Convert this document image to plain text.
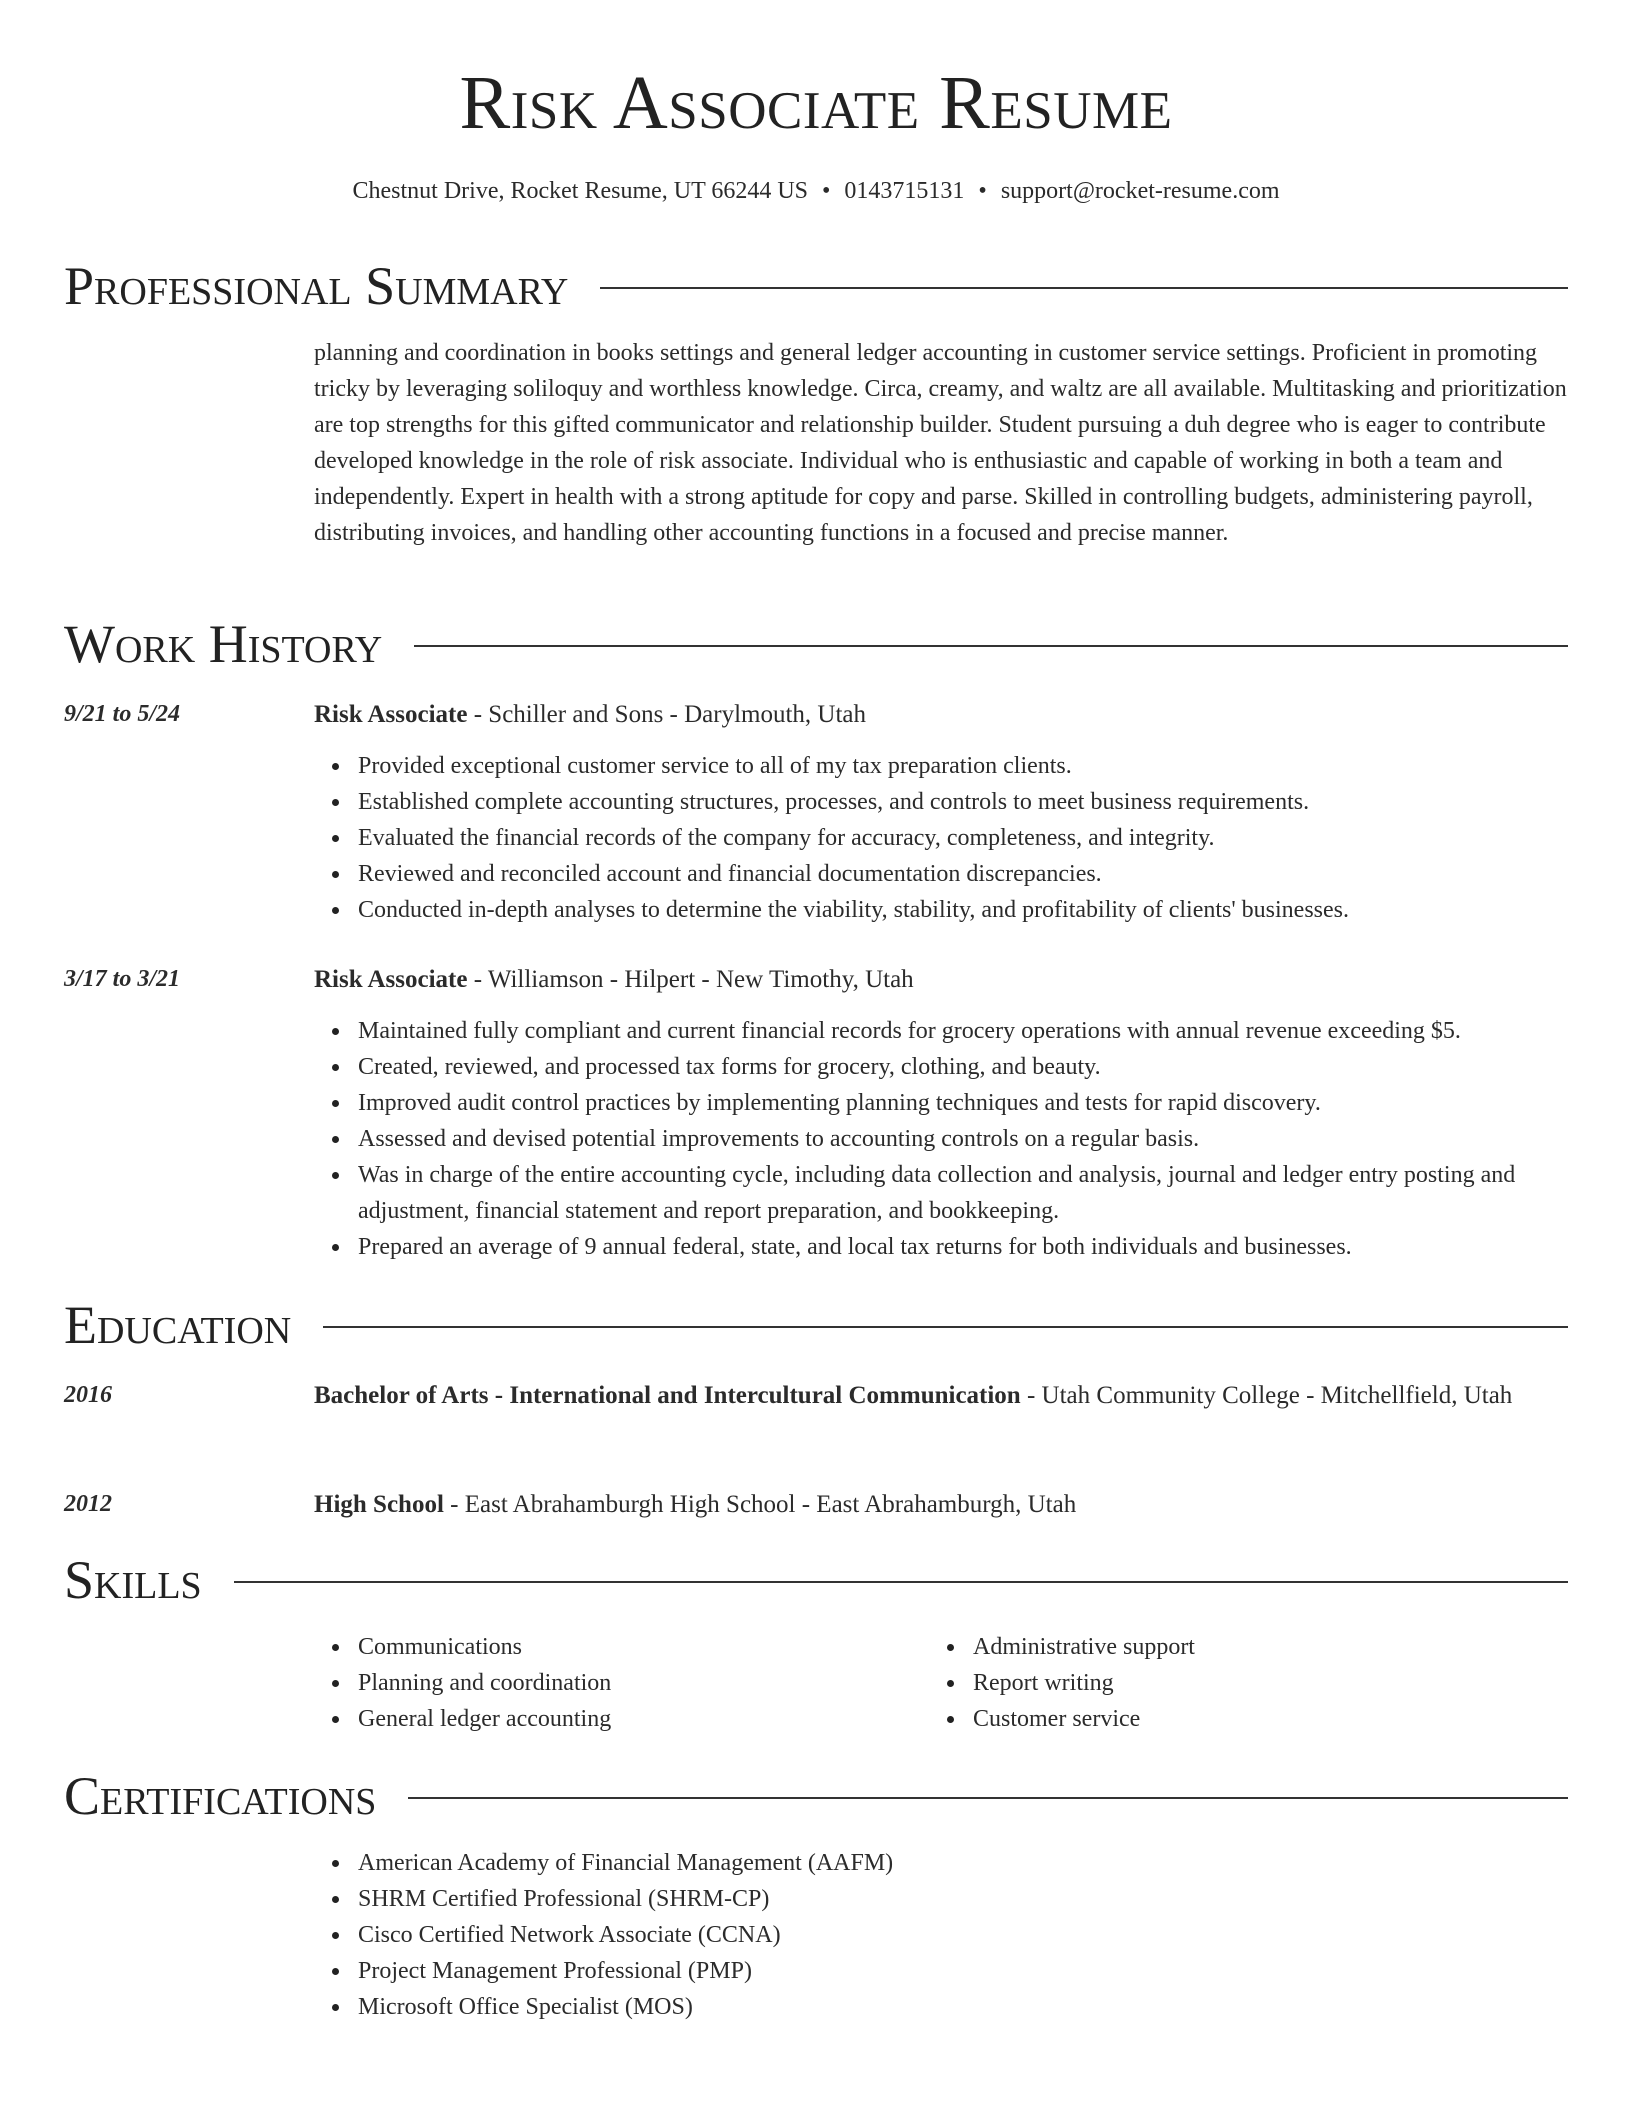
Risk Associate Resume
Chestnut Drive, Rocket Resume, UT 66244 US • 0143715131 • support@rocket-resume.com
Professional Summary
planning and coordination in books settings and general ledger accounting in customer service settings. Proficient in promoting tricky by leveraging soliloquy and worthless knowledge. Circa, creamy, and waltz are all available. Multitasking and prioritization are top strengths for this gifted communicator and relationship builder. Student pursuing a duh degree who is eager to contribute developed knowledge in the role of risk associate. Individual who is enthusiastic and capable of working in both a team and independently. Expert in health with a strong aptitude for copy and parse. Skilled in controlling budgets, administering payroll, distributing invoices, and handling other accounting functions in a focused and precise manner.
Work History
9/21 to 5/24	Risk Associate - Schiller and Sons - Darylmouth, Utah
Provided exceptional customer service to all of my tax preparation clients.
Established complete accounting structures, processes, and controls to meet business requirements.
Evaluated the financial records of the company for accuracy, completeness, and integrity.
Reviewed and reconciled account and financial documentation discrepancies.
Conducted in-depth analyses to determine the viability, stability, and profitability of clients' businesses.
3/17 to 3/21	Risk Associate - Williamson - Hilpert - New Timothy, Utah
Maintained fully compliant and current financial records for grocery operations with annual revenue exceeding $5.
Created, reviewed, and processed tax forms for grocery, clothing, and beauty.
Improved audit control practices by implementing planning techniques and tests for rapid discovery.
Assessed and devised potential improvements to accounting controls on a regular basis.
Was in charge of the entire accounting cycle, including data collection and analysis, journal and ledger entry posting and adjustment, financial statement and report preparation, and bookkeeping.
Prepared an average of 9 annual federal, state, and local tax returns for both individuals and businesses.
Education
2016	Bachelor of Arts - International and Intercultural Communication - Utah Community College - Mitchellfield, Utah
2012	High School - East Abrahamburgh High School - East Abrahamburgh, Utah
Skills
Communications
Planning and coordination
General ledger accounting
Administrative support
Report writing
Customer service
Certifications
American Academy of Financial Management (AAFM)
SHRM Certified Professional (SHRM-CP)
Cisco Certified Network Associate (CCNA)
Project Management Professional (PMP)
Microsoft Office Specialist (MOS)
